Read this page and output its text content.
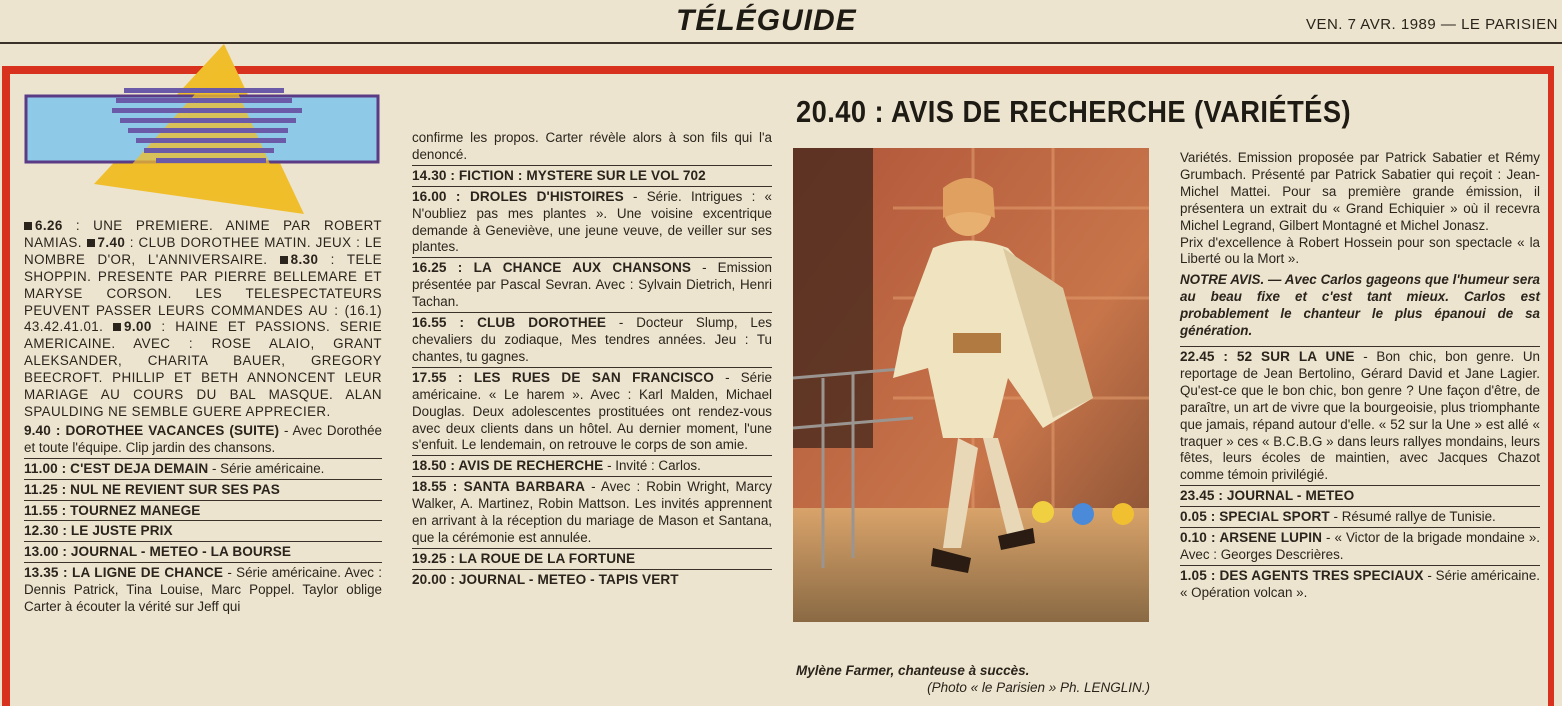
TÉLÉGUIDE	VEN. 7 AVR. 1989 — LE PARISIEN
6.26 : UNE PREMIERE. ANIME PAR ROBERT NAMIAS. 7.40 : CLUB DOROTHEE MATIN. JEUX : LE NOMBRE D'OR, L'ANNIVERSAIRE. 8.30 : TELE SHOPPIN. PRESENTE PAR PIERRE BELLEMARE ET MARYSE CORSON. LES TELESPECTATEURS PEUVENT PASSER LEURS COMMANDES AU : (16.1) 43.42.41.01. 9.00 : HAINE ET PASSIONS. SERIE AMERICAINE. AVEC : ROSE ALAIO, GRANT ALEKSANDER, CHARITA BAUER, GREGORY BEECROFT. PHILLIP ET BETH ANNONCENT LEUR MARIAGE AU COURS DU BAL MASQUE. ALAN SPAULDING NE SEMBLE GUERE APPRECIER.
9.40 : DOROTHEE VACANCES (SUITE) - Avec Dorothée et toute l'équipe. Clip jardin des chansons.
11.00 : C'EST DEJA DEMAIN - Série américaine.
11.25 : NUL NE REVIENT SUR SES PAS
11.55 : TOURNEZ MANEGE
12.30 : LE JUSTE PRIX
13.00 : JOURNAL - METEO - LA BOURSE
13.35 : LA LIGNE DE CHANCE - Série américaine. Avec : Dennis Patrick, Tina Louise, Marc Poppel. Taylor oblige Carter à écouter la vérité sur Jeff qui
confirme les propos. Carter révèle alors à son fils qui l'a denoncé.
14.30 : FICTION : MYSTERE SUR LE VOL 702
16.00 : DROLES D'HISTOIRES - Série. Intrigues : « N'oubliez pas mes plantes ». Une voisine excentrique demande à Geneviève, une jeune veuve, de veiller sur ses plantes.
16.25 : LA CHANCE AUX CHANSONS - Emission présentée par Pascal Sevran. Avec : Sylvain Dietrich, Henri Tachan.
16.55 : CLUB DOROTHEE - Docteur Slump, Les chevaliers du zodiaque, Mes tendres années. Jeu : Tu chantes, tu gagnes.
17.55 : LES RUES DE SAN FRANCISCO - Série américaine. « Le harem ». Avec : Karl Malden, Michael Douglas. Deux adolescentes prostituées ont rendez-vous avec deux clients dans un hôtel. Au dernier moment, l'une s'enfuit. Le lendemain, on retrouve le corps de son amie.
18.50 : AVIS DE RECHERCHE - Invité : Carlos.
18.55 : SANTA BARBARA - Avec : Robin Wright, Marcy Walker, A. Martinez, Robin Mattson. Les invités apprennent en arrivant à la réception du mariage de Mason et Santana, que la cérémonie est annulée.
19.25 : LA ROUE DE LA FORTUNE
20.00 : JOURNAL - METEO - TAPIS VERT
20.40 : AVIS DE RECHERCHE (VARIÉTÉS)
Mylène Farmer, chanteuse à succès.
(Photo « le Parisien » Ph. LENGLIN.)
Variétés. Emission proposée par Patrick Sabatier et Rémy Grumbach. Présenté par Patrick Sabatier qui reçoit : Jean-Michel Mattei. Pour sa première grande émission, il présentera un extrait du « Grand Echiquier » où il recevra Michel Legrand, Gilbert Montagné et Michel Jonasz.
Prix d'excellence à Robert Hossein pour son spectacle « la Liberté ou la Mort ».
NOTRE AVIS. — Avec Carlos gageons que l'humeur sera au beau fixe et c'est tant mieux. Carlos est probablement le chanteur le plus épanoui de sa génération.
22.45 : 52 SUR LA UNE - Bon chic, bon genre. Un reportage de Jean Bertolino, Gérard David et Jane Lagier. Qu'est-ce que le bon chic, bon genre ? Une façon d'être, de paraître, un art de vivre que la bourgeoisie, plus triomphante que jamais, répand autour d'elle. « 52 sur la Une » est allé « traquer » ces « B.C.B.G » dans leurs rallyes mondains, leurs fêtes, leurs écoles de maintien, avec Jacques Chazot comme témoin privilégié.
23.45 : JOURNAL - METEO
0.05 : SPECIAL SPORT - Résumé rallye de Tunisie.
0.10 : ARSENE LUPIN - « Victor de la brigade mondaine ». Avec : Georges Descrières.
1.05 : DES AGENTS TRES SPECIAUX - Série américaine. « Opération volcan ».
